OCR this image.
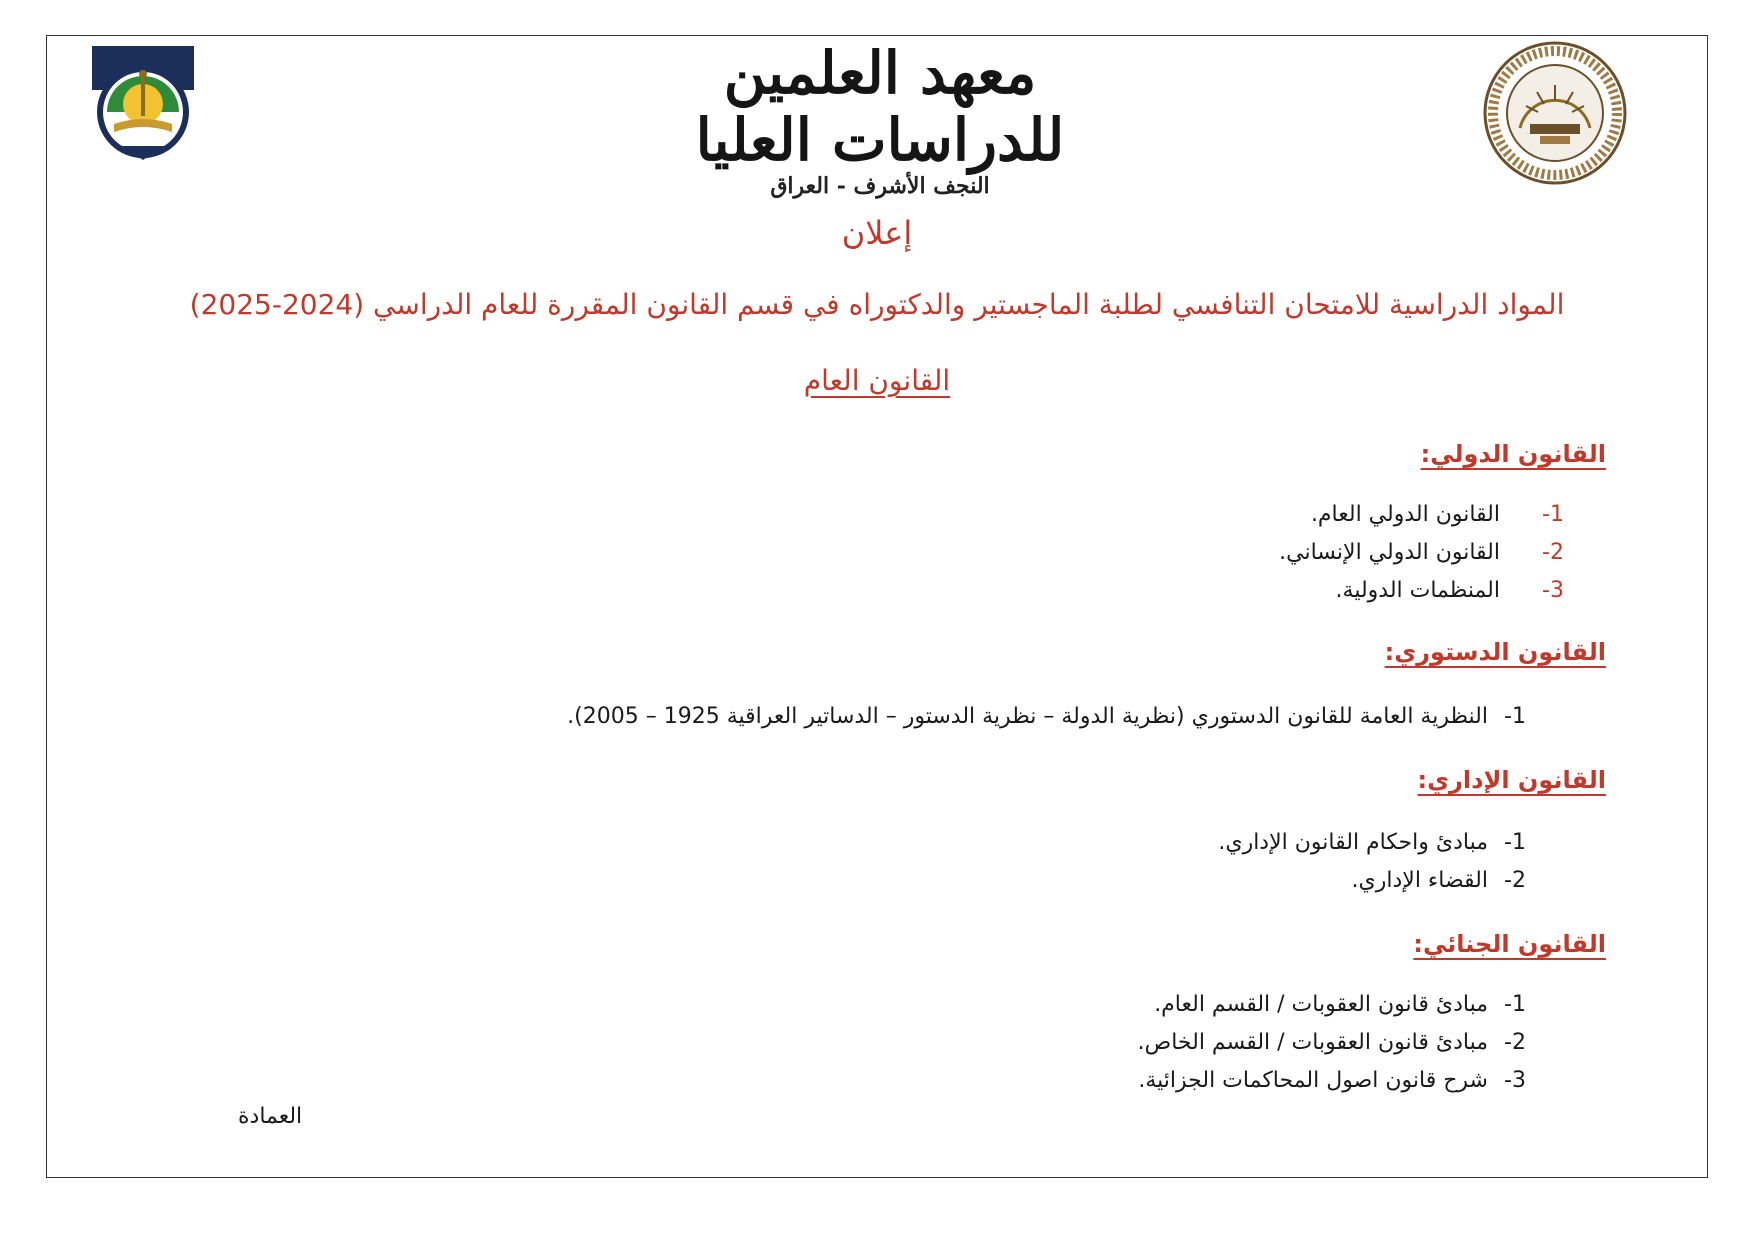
معهد العلمين للدراسات العليا
النجف الأشرف - العراق
إعلان
المواد الدراسية للامتحان التنافسي لطلبة الماجستير والدكتوراه في قسم القانون المقررة للعام الدراسي (2024-2025)
القانون العام
القانون الدولي:
1-
القانون الدولي العام.
2-
القانون الدولي الإنساني.
3-
المنظمات الدولية.
القانون الدستوري:
1-
النظرية العامة للقانون الدستوري (نظرية الدولة – نظرية الدستور – الدساتير العراقية 1925 – 2005).
القانون الإداري:
1-
مبادئ واحكام القانون الإداري.
2-
القضاء الإداري.
القانون الجنائي:
1-
مبادئ قانون العقوبات / القسم العام.
2-
مبادئ قانون العقوبات / القسم الخاص.
3-
شرح قانون اصول المحاكمات الجزائية.
العمادة
